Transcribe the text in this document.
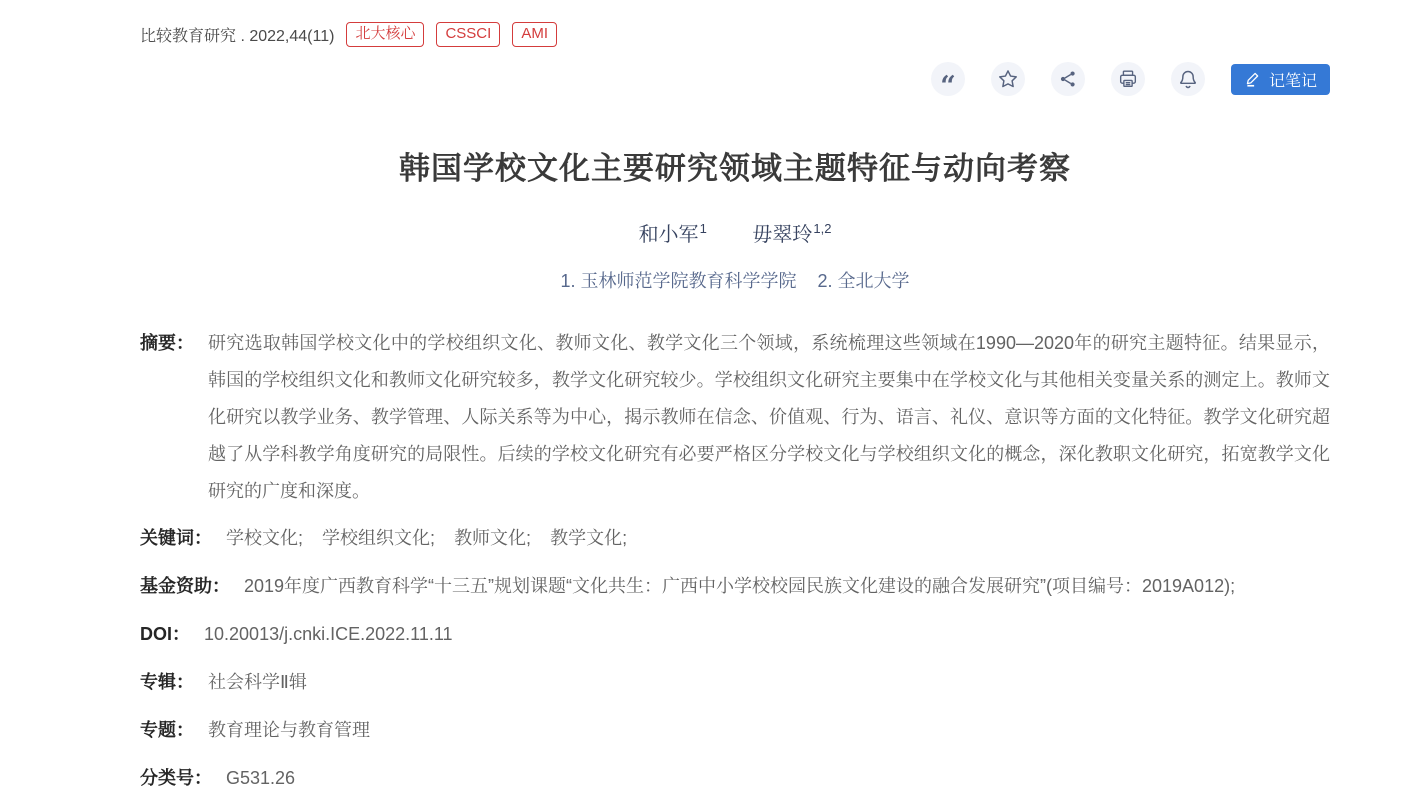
比较教育研究 . 2022,44(11)	北大核心	CSSCI	AMI
“	记笔记
韩国学校文化主要研究领域主题特征与动向考察
和小军$^1$ 毋翠玲$^{1,2}$
1. 玉林师范学院教育科学学院 2. 全北大学
摘要： 研究选取韩国学校文化中的学校组织文化、教师文化、教学文化三个领域，系统梳理这些领域在1990—2020年的研究主题特征。结果显示，韩国的学校组织文化和教师文化研究较多，教学文化研究较少。学校组织文化研究主要集中在学校文化与其他相关变量关系的测定上。教师文化研究以教学业务、教学管理、人际关系等为中心，揭示教师在信念、价值观、行为、语言、礼仪、意识等方面的文化特征。教学文化研究超越了从学科教学角度研究的局限性。后续的学校文化研究有必要严格区分学校文化与学校组织文化的概念，深化教职文化研究，拓宽教学文化研究的广度和深度。
关键词： 学校文化; 学校组织文化; 教师文化; 教学文化;
基金资助： 2019年度广西教育科学“十三五”规划课题“文化共生：广西中小学校校园民族文化建设的融合发展研究”(项目编号：2019A012);
DOI： 10.20013/j.cnki.ICE.2022.11.11
专辑： 社会科学Ⅱ辑
专题： 教育理论与教育管理
分类号： G531.26
